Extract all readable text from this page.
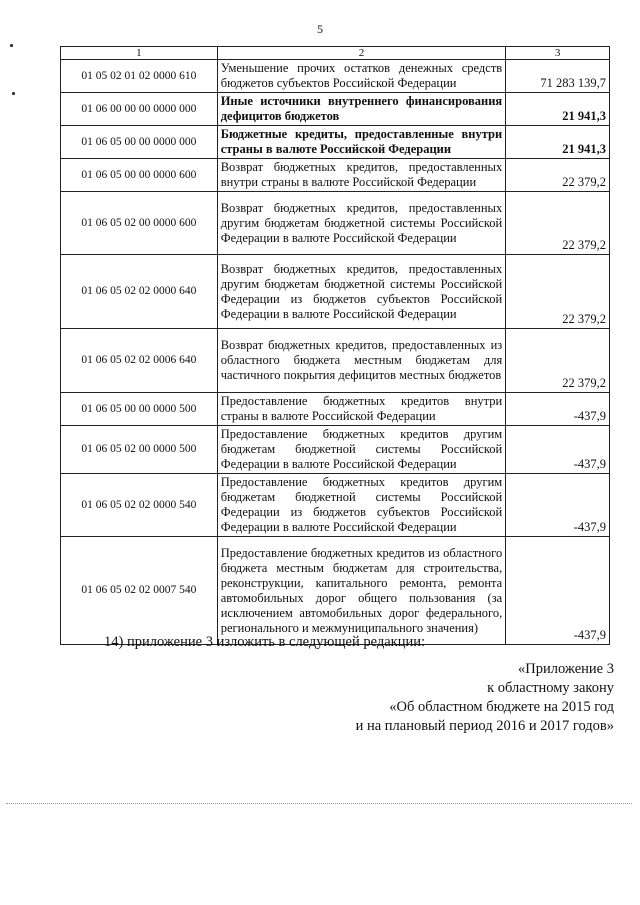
5
1	2	3
01 05 02 01 02 0000 610	Уменьшение прочих остатков денежных средств бюджетов субъектов Российской Федерации	71 283 139,7
01 06 00 00 00 0000 000	Иные источники внутреннего финансирования дефицитов бюджетов	21 941,3
01 06 05 00 00 0000 000	Бюджетные кредиты, предоставленные внутри страны в валюте Российской Федерации	21 941,3
01 06 05 00 00 0000 600	Возврат бюджетных кредитов, предоставленных внутри страны в валюте Российской Федерации	22 379,2
01 06 05 02 00 0000 600	Возврат бюджетных кредитов, предоставленных другим бюджетам бюджетной системы Российской Федерации в валюте Российской Федерации	22 379,2
01 06 05 02 02 0000 640	Возврат бюджетных кредитов, предоставленных другим бюджетам бюджетной системы Российской Федерации из бюджетов субъектов Российской Федерации в валюте Российской Федерации	22 379,2
01 06 05 02 02 0006 640	Возврат бюджетных кредитов, предоставленных из областного бюджета местным бюджетам для частичного покрытия дефицитов местных бюджетов	22 379,2
01 06 05 00 00 0000 500	Предоставление бюджетных кредитов внутри страны в валюте Российской Федерации	-437,9
01 06 05 02 00 0000 500	Предоставление бюджетных кредитов другим бюджетам бюджетной системы Российской Федерации в валюте Российской Федерации	-437,9
01 06 05 02 02 0000 540	Предоставление бюджетных кредитов другим бюджетам бюджетной системы Российской Федерации из бюджетов субъектов Российской Федерации в валюте Российской Федерации	-437,9
01 06 05 02 02 0007 540	Предоставление бюджетных кредитов из областного бюджета местным бюджетам для строительства, реконструкции, капитального ремонта, ремонта автомобильных дорог общего пользования (за исключением автомобильных дорог федерального, регионального и межмуниципального значения)	-437,9
14) приложение 3 изложить в следующей редакции:
«Приложение 3
к областному закону
«Об областном бюджете на 2015 год
и на плановый период 2016 и 2017 годов»
